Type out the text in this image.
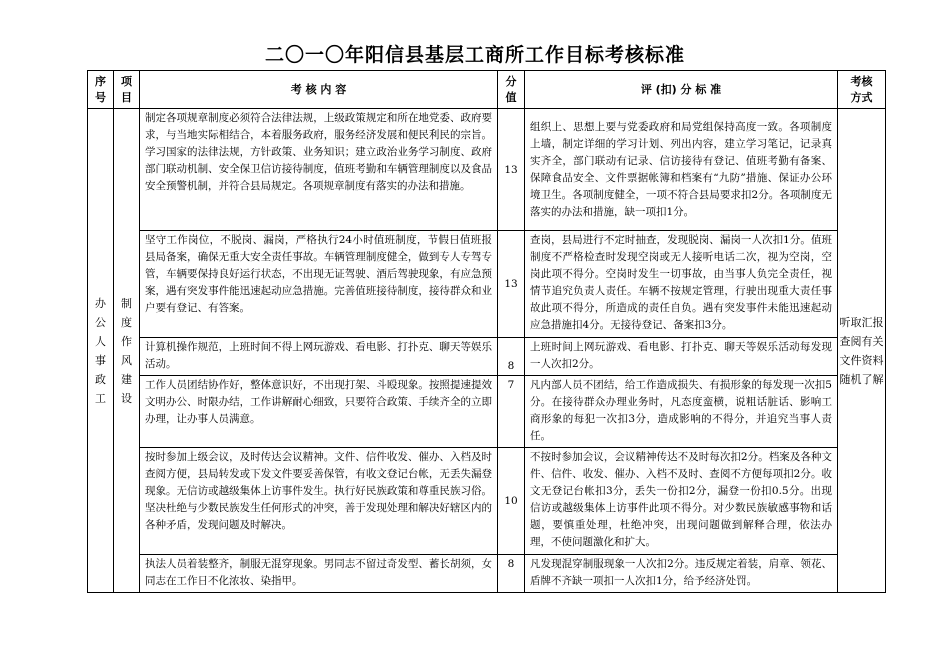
二〇一〇年阳信县基层工商所工作目标考核标准
序号	项目	考 核 内 容	分值	评 (扣) 分 标 准	考核方式
办公人事政工	制度作风建设	制定各项规章制度必须符合法律法规，上级政策规定和所在地党委、政府要求，与当地实际相结合，本着服务政府，服务经济发展和便民利民的宗旨。学习国家的法律法规，方针政策、业务知识；建立政治业务学习制度、政府部门联动机制、安全保卫信访接待制度，值班考勤和车辆管理制度以及食品安全预警机制，并符合县局规定。各项规章制度有落实的办法和措施。	13	组织上、思想上要与党委政府和局党组保持高度一致。各项制度上墙，制定详细的学习计划、列出内容，建立学习笔记，记录真实齐全，部门联动有记录、信访接待有登记、值班考勤有备案、保障食品安全、文件票据帐簿和档案有“九防”措施、保证办公环境卫生。各项制度健全，一项不符合县局要求扣2分。各项制度无落实的办法和措施，缺一项扣1分。	听取汇报查阅有关文件资料随机了解
		坚守工作岗位，不脱岗、漏岗，严格执行24小时值班制度，节假日值班报县局备案，确保无重大安全责任事故。车辆管理制度健全，做到专人专驾专管，车辆要保持良好运行状态，不出现无证驾驶、酒后驾驶现象，有应急预案，遇有突发事件能迅速起动应急措施。完善值班接待制度，接待群众和业户要有登记、有答案。	13	查岗，县局进行不定时抽查，发现脱岗、漏岗一人次扣1分。值班制度不严格检查时发现空岗或无人接听电话二次，视为空岗，空岗此项不得分。空岗时发生一切事故，由当事人负完全责任，视情节追究负责人责任。车辆不按规定管理，行驶出现重大责任事故此项不得分，所造成的责任自负。遇有突发事件未能迅速起动应急措施扣4分。无接待登记、备案扣3分。	
		计算机操作规范，上班时间不得上网玩游戏、看电影、打扑克、聊天等娱乐活动。	8	上班时间上网玩游戏、看电影、打扑克、聊天等娱乐活动每发现一人次扣2分。	
		工作人员团结协作好，整体意识好，不出现打架、斗殴现象。按照提速提效文明办公、时限办结，工作讲解耐心细致，只要符合政策、手续齐全的立即办理，让办事人员满意。	7	凡内部人员不团结，给工作造成损失、有损形象的每发现一次扣5分。在接待群众办理业务时，凡态度蛮横，说粗话脏话、影响工商形象的每犯一次扣3分，造成影响的不得分，并追究当事人责任。	
		按时参加上级会议，及时传达会议精神。文件、信件收发、催办、入档及时查阅方便，县局转发或下发文件要妥善保管，有收文登记台帐，无丢失漏登现象。无信访或越级集体上访事件发生。执行好民族政策和尊重民族习俗。坚决杜绝与少数民族发生任何形式的冲突，善于发现处理和解决好辖区内的各种矛盾，发现问题及时解决。	10	不按时参加会议，会议精神传达不及时每次扣2分。档案及各种文件、信件、收发、催办、入档不及时、查阅不方便每项扣2分。收文无登记台帐扣3分，丢失一份扣2分，漏登一份扣0.5分。出现信访或越级集体上访事件此项不得分。对少数民族敏感事物和话题，要慎重处理，杜绝冲突，出现问题做到解释合理，依法办理，不使问题激化和扩大。	
		执法人员着装整齐，制服无混穿现象。男同志不留过奇发型、蓄长胡须，女同志在工作日不化浓妆、染指甲。	8	凡发现混穿制服现象一人次扣2分。违反规定着装，肩章、领花、盾牌不齐缺一项扣一人次扣1分，给予经济处罚。	
